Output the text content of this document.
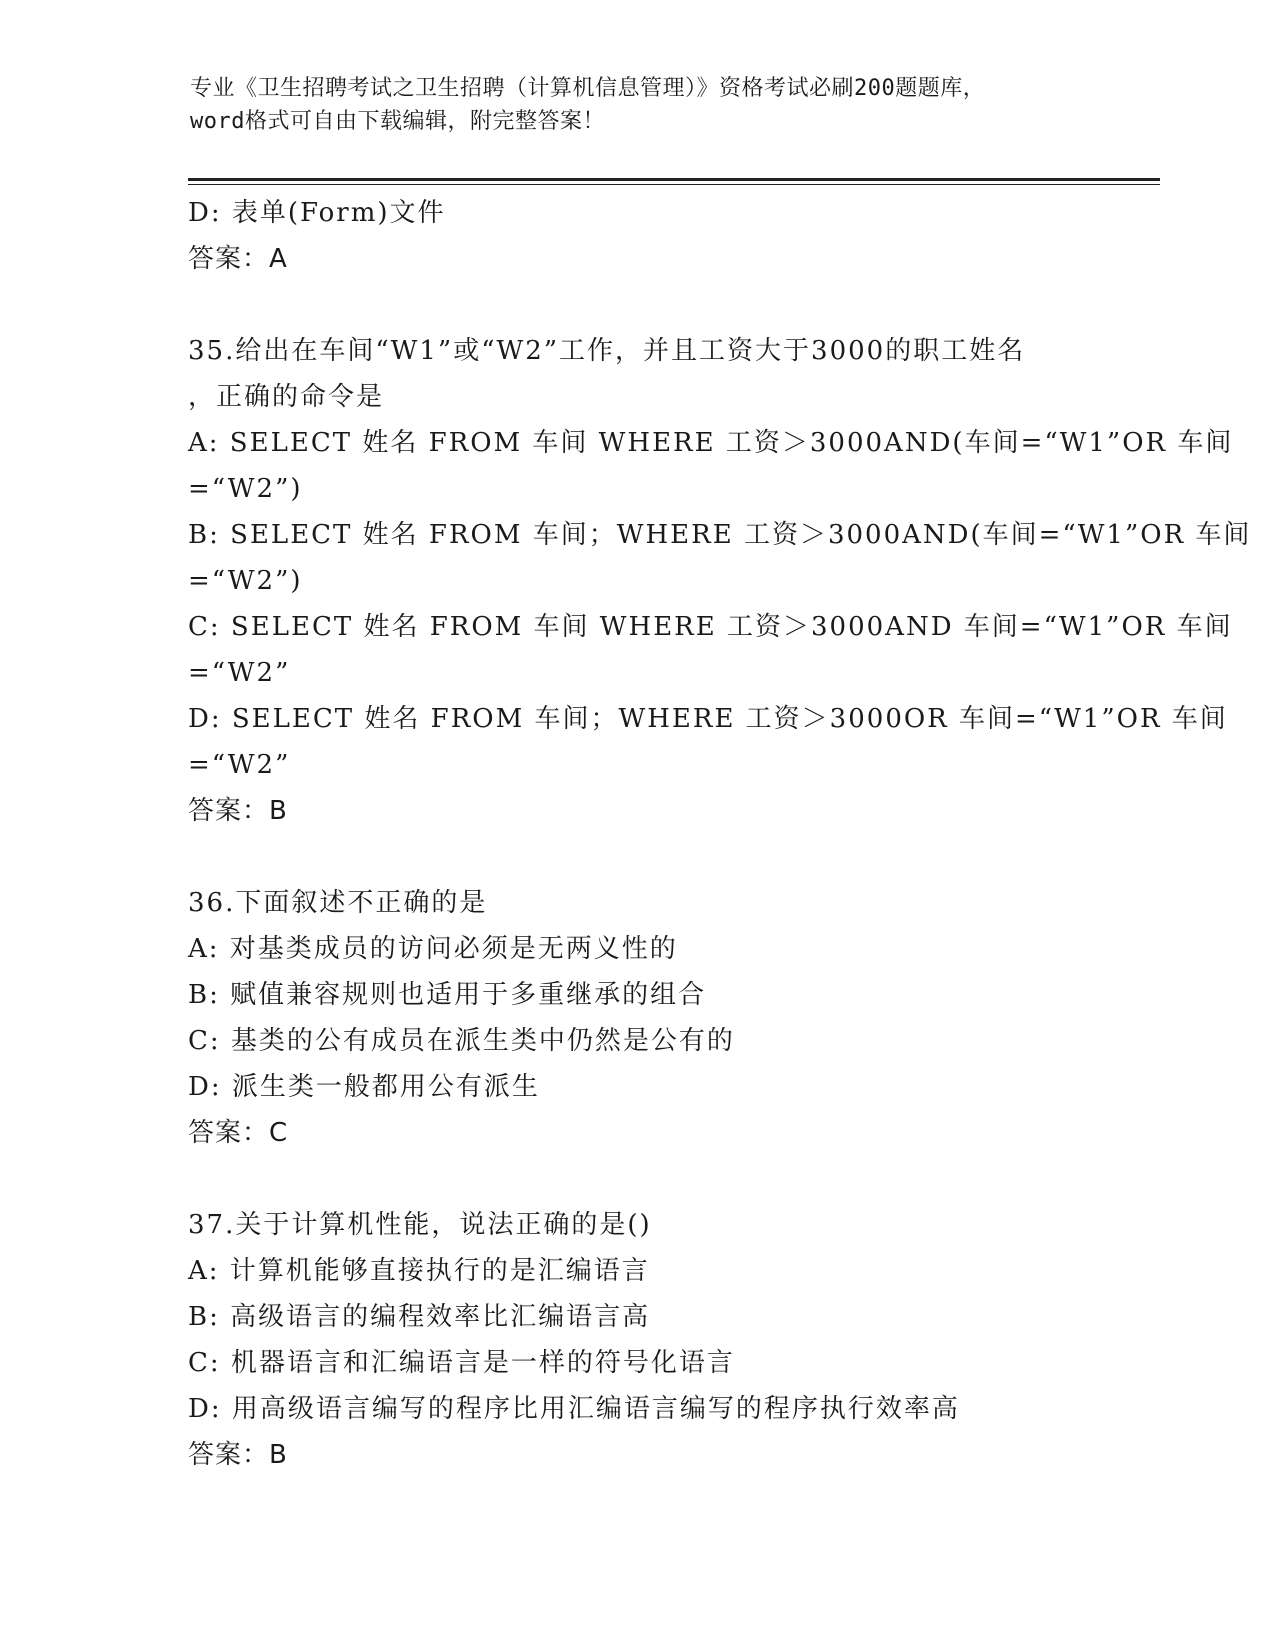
专业《卫生招聘考试之卫生招聘（计算机信息管理）》资格考试必刷200题题库，
word格式可自由下载编辑，附完整答案！
D: 表单(Form)文件
答案：A
35.给出在车间“W1”或“W2”工作，并且工资大于3000的职工姓名
，正确的命令是
A: SELECT 姓名 FROM 车间 WHERE 工资＞3000AND(车间=“W1”OR 车间
=“W2”)
B: SELECT 姓名 FROM 车间；WHERE 工资＞3000AND(车间=“W1”OR 车间
=“W2”)
C: SELECT 姓名 FROM 车间 WHERE 工资＞3000AND 车间=“W1”OR 车间
=“W2”
D: SELECT 姓名 FROM 车间；WHERE 工资＞3000OR 车间=“W1”OR 车间
=“W2”
答案：B
36.下面叙述不正确的是
A: 对基类成员的访问必须是无两义性的
B: 赋值兼容规则也适用于多重继承的组合
C: 基类的公有成员在派生类中仍然是公有的
D: 派生类一般都用公有派生
答案：C
37.关于计算机性能，说法正确的是()
A: 计算机能够直接执行的是汇编语言
B: 高级语言的编程效率比汇编语言高
C: 机器语言和汇编语言是一样的符号化语言
D: 用高级语言编写的程序比用汇编语言编写的程序执行效率高
答案：B
